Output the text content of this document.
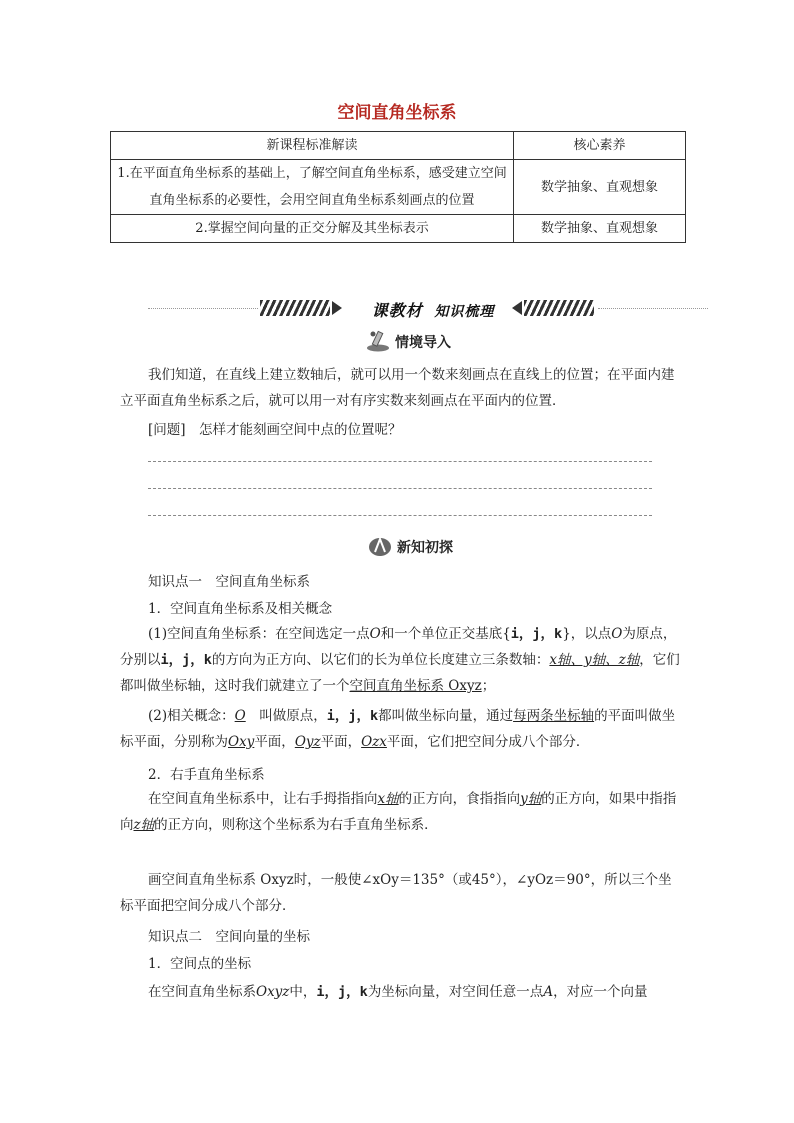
空间直角坐标系
新课程标准解读	核心素养
1.在平面直角坐标系的基础上，了解空间直角坐标系，感受建立空间直角坐标系的必要性，会用空间直角坐标系刻画点的位置	数学抽象、直观想象
2.掌握空间向量的正交分解及其坐标表示	数学抽象、直观想象
课教材 知识梳理
情境导入
我们知道，在直线上建立数轴后，就可以用一个数来刻画点在直线上的位置；在平面内建立平面直角坐标系之后，就可以用一对有序实数来刻画点在平面内的位置．
[问题]　怎样才能刻画空间中点的位置呢？
新知初探
知识点一　空间直角坐标系
1．空间直角坐标系及相关概念
(1)空间直角坐标系：在空间选定一点O和一个单位正交基底{i，j，k}，以点O为原点，分别以i，j，k的方向为正方向、以它们的长为单位长度建立三条数轴：x轴、y轴、z轴，它们都叫做坐标轴，这时我们就建立了一个空间直角坐标系 Oxyz；
(2)相关概念：O　叫做原点，i，j，k都叫做坐标向量，通过每两条坐标轴的平面叫做坐标平面，分别称为Oxy平面，Oyz平面，Ozx平面，它们把空间分成八个部分．
2．右手直角坐标系
在空间直角坐标系中，让右手拇指指向x轴的正方向，食指指向y轴的正方向，如果中指指向z轴的正方向，则称这个坐标系为右手直角坐标系．
画空间直角坐标系 Oxyz时，一般使∠xOy＝135°（或45°），∠yOz＝90°，所以三个坐标平面把空间分成八个部分．
知识点二　空间向量的坐标
1．空间点的坐标
在空间直角坐标系Oxyz中，i，j，k为坐标向量，对空间任意一点A，对应一个向量
